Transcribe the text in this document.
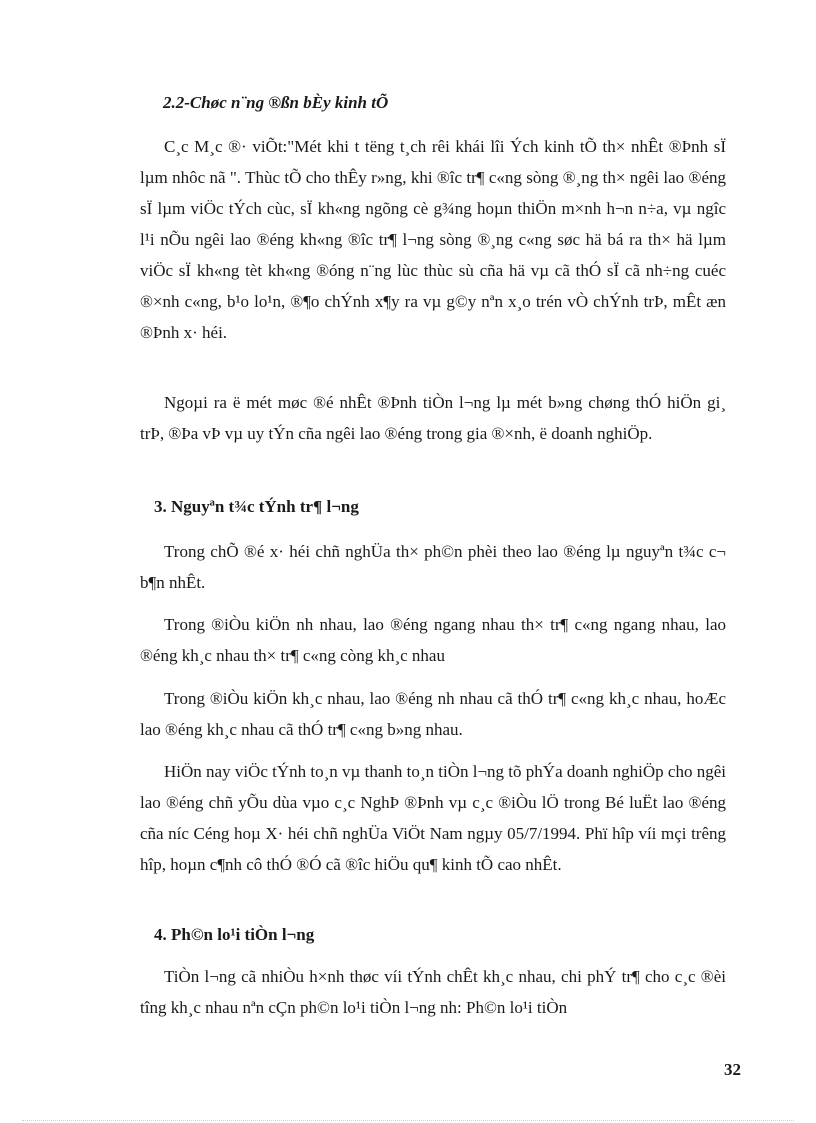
2.2-Chøc n¨ng ®ßn bÈy kinh tÕ

C¸c M¸c ®· viÕt:"Mét khi t tëng t¸ch rêi khái lîi Ých kinh tÕ th× nhÊt ®Þnh sÏ lµm nhôc nã ". Thùc tÕ cho thÊy r»ng, khi ®îc tr¶ c«ng sòng ®¸ng th× ngêi lao ®éng sÏ lµm viÖc tÝch cùc, sÏ kh«ng ngõng cè g¾ng hoµn thiÖn m×nh h¬n n÷a, vµ ngîc l¹i nÕu ngêi lao ®éng kh«ng ®îc tr¶ l¬ng sòng ®¸ng c«ng søc hä bá ra th× hä lµm viÖc sÏ kh«ng tèt kh«ng ®óng n¨ng lùc thùc sù cña hä vµ cã thÓ sÏ cã nh÷ng cuéc ®×nh c«ng, b¹o lo¹n, ®¶o chÝnh x¶y ra vµ g©y nªn x¸o trén vÒ chÝnh trÞ, mÊt æn ®Þnh x· héi.

Ngoµi ra ë mét møc ®é nhÊt ®Þnh tiÒn l¬ng lµ mét b»ng chøng thÓ hiÖn gi¸ trÞ, ®Þa vÞ vµ uy tÝn cña ngêi lao ®éng trong gia ®×nh, ë doanh nghiÖp.

3. Nguyªn t¾c tÝnh tr¶ l¬ng

Trong chÕ ®é x· héi chñ nghÜa th× ph©n phèi theo lao ®éng lµ nguyªn t¾c c¬ b¶n nhÊt.

Trong ®iÒu kiÖn nh nhau, lao ®éng ngang nhau th× tr¶ c«ng ngang nhau, lao ®éng kh¸c nhau th× tr¶ c«ng còng kh¸c nhau

Trong ®iÒu kiÖn kh¸c nhau, lao ®éng nh nhau cã thÓ tr¶ c«ng kh¸c nhau, hoÆc lao ®éng kh¸c nhau cã thÓ tr¶ c«ng b»ng nhau.

HiÖn nay viÖc tÝnh to¸n vµ thanh to¸n tiÒn l¬ng tõ phÝa doanh nghiÖp cho ngêi lao ®éng chñ yÕu dùa vµo c¸c NghÞ ®Þnh vµ c¸c ®iÒu lÖ trong Bé luËt lao ®éng cña níc Céng hoµ X· héi chñ nghÜa ViÖt Nam ngµy 05/7/1994. Phï hîp víi mçi trêng hîp, hoµn c¶nh cô thÓ ®Ó cã ®îc hiÖu qu¶ kinh tÕ cao nhÊt.

4. Ph©n lo¹i tiÒn l¬ng

TiÒn l¬ng cã nhiÒu h×nh thøc víi tÝnh chÊt kh¸c nhau, chi phÝ tr¶ cho c¸c ®èi tîng kh¸c nhau nªn cÇn ph©n lo¹i tiÒn l¬ng nh: Ph©n lo¹i tiÒn

32
